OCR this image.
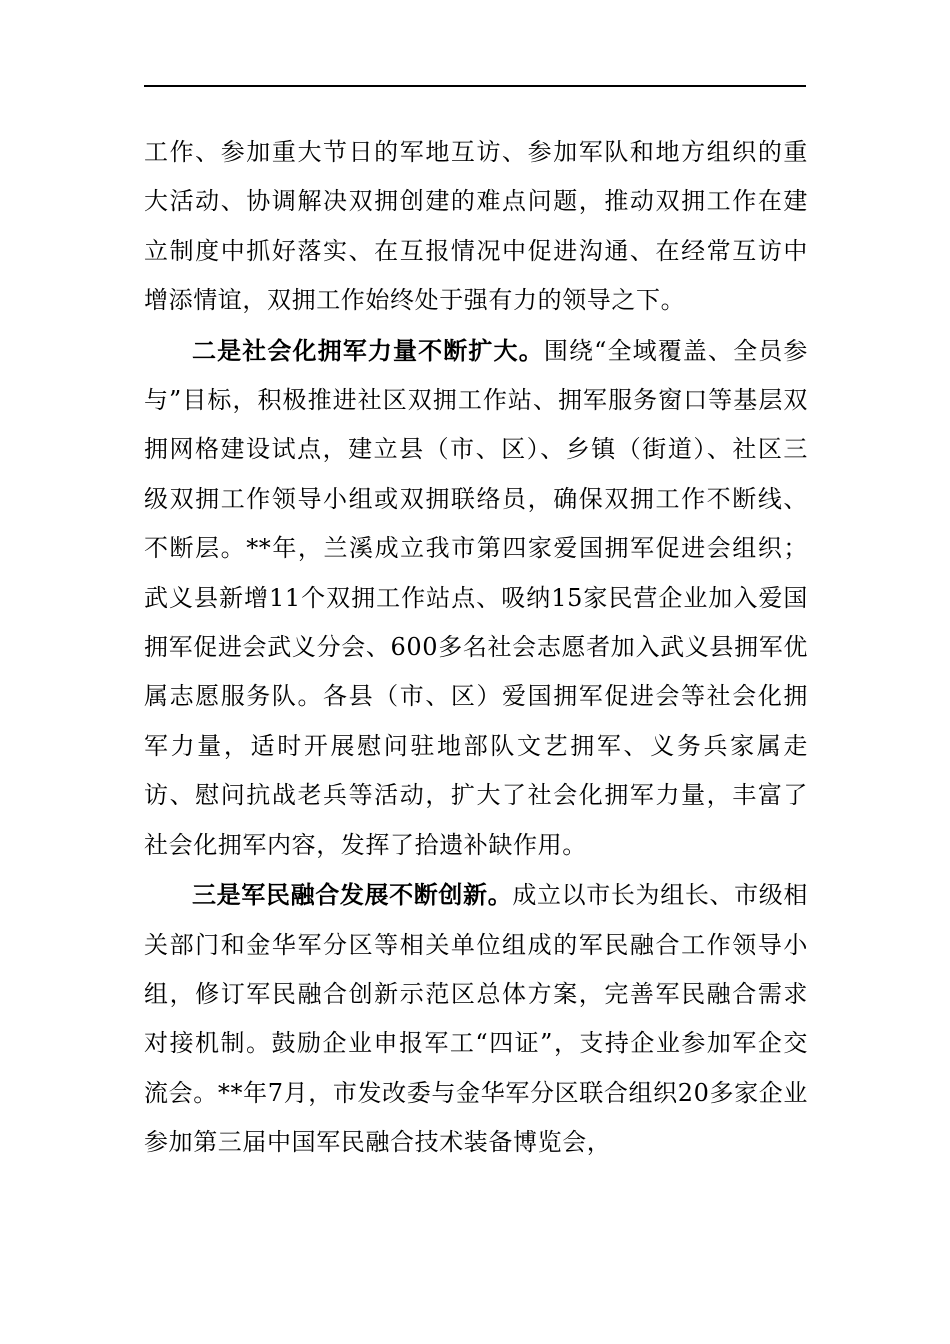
工作、参加重大节日的军地互访、参加军队和地方组织的重大活动、协调解决双拥创建的难点问题，推动双拥工作在建立制度中抓好落实、在互报情况中促进沟通、在经常互访中增添情谊，双拥工作始终处于强有力的领导之下。

二是社会化拥军力量不断扩大。围绕“全域覆盖、全员参与”目标，积极推进社区双拥工作站、拥军服务窗口等基层双拥网格建设试点，建立县（市、区）、乡镇（街道）、社区三级双拥工作领导小组或双拥联络员，确保双拥工作不断线、不断层。**年，兰溪成立我市第四家爱国拥军促进会组织；武义县新增11个双拥工作站点、吸纳15家民营企业加入爱国拥军促进会武义分会、600多名社会志愿者加入武义县拥军优属志愿服务队。各县（市、区）爱国拥军促进会等社会化拥军力量，适时开展慰问驻地部队文艺拥军、义务兵家属走访、慰问抗战老兵等活动，扩大了社会化拥军力量，丰富了社会化拥军内容，发挥了拾遗补缺作用。

三是军民融合发展不断创新。成立以市长为组长、市级相关部门和金华军分区等相关单位组成的军民融合工作领导小组，修订军民融合创新示范区总体方案，完善军民融合需求对接机制。鼓励企业申报军工“四证”，支持企业参加军企交流会。**年7月，市发改委与金华军分区联合组织20多家企业参加第三届中国军民融合技术装备博览会，
